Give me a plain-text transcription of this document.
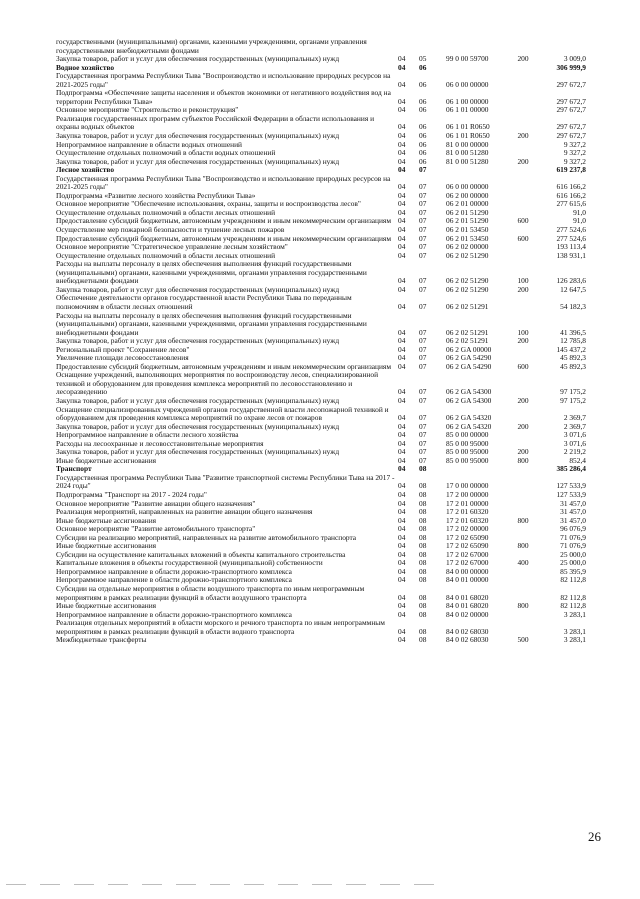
государственными (муниципальными) органами, казенными учреждениями, органами управления государственными внебюджетными фондами
Закупка товаров, работ и услуг для обеспечения государственных (муниципальных) нужд	04	05	99 0 00 59700	200	3 009,0
Водное хозяйство	04	06	306 999,9
Государственная программа Республики Тыва "Воспроизводство и использование природных ресурсов на 2021-2025 годы"	04	06	06 0 00 00000	297 672,7
Подпрограмма «Обеспечение защиты населения и объектов экономики от негативного воздействия вод на территории Республики Тыва»	04	06	06 1 00 00000	297 672,7
Основное мероприятие "Строительство и реконструкция"	04	06	06 1 01 00000	297 672,7
Реализация государственных программ субъектов Российской Федерации в области использования и охраны водных объектов	04	06	06 1 01 R0650	297 672,7
Закупка товаров, работ и услуг для обеспечения государственных (муниципальных) нужд	04	06	06 1 01 R0650	200	297 672,7
Непрограммное направление в области водных отношений	04	06	81 0 00 00000	9 327,2
Осуществление отдельных полномочий в области водных отношений	04	06	81 0 00 51280	9 327,2
Закупка товаров, работ и услуг для обеспечения государственных (муниципальных) нужд	04	06	81 0 00 51280	200	9 327,2
Лесное хозяйство	04	07	619 237,8
Государственная программа Республики Тыва "Воспроизводство и использование природных ресурсов на 2021-2025 годы"	04	07	06 0 00 00000	616 166,2
Подпрограмма «Развитие лесного хозяйства Республики Тыва»	04	07	06 2 00 00000	616 166,2
Основное мероприятие "Обеспечение использования, охраны, защиты и воспроизводства лесов"	04	07	06 2 01 00000	277 615,6
Осуществление отдельных полномочий в области лесных отношений	04	07	06 2 01 51290	91,0
Предоставление субсидий бюджетным, автономным учреждениям и иным некоммерческим организациям 04	07	06 2 01 51290	600	91,0
Осуществление мер пожарной безопасности и тушение лесных пожаров	04	07	06 2 01 53450	277 524,6
Предоставление субсидий бюджетным, автономным учреждениям и иным некоммерческим организациям 04	07	06 2 01 53450	600	277 524,6
Основное мероприятие "Стратегическое управление лесным хозяйством"	04	07	06 2 02 00000	193 113,4
Осуществление отдельных полномочий в области лесных отношений	04	07	06 2 02 51290	138 931,1
Расходы на выплаты персоналу в целях обеспечения выполнения функций государственными (муниципальными) органами, казенными учреждениями, органами управления государственными внебюджетными фондами	04	07	06 2 02 51290	100	126 283,6
Закупка товаров, работ и услуг для обеспечения государственных (муниципальных) нужд	04	07	06 2 02 51290	200	12 647,5
Обеспечение деятельности органов государственной власти Республики Тыва по переданным полномочиям в области лесных отношений	04	07	06 2 02 51291	54 182,3
Расходы на выплаты персоналу в целях обеспечения выполнения функций государственными (муниципальными) органами, казенными учреждениями, органами управления государственными внебюджетными фондами	04	07	06 2 02 51291	100	41 396,5
Закупка товаров, работ и услуг для обеспечения государственных (муниципальных) нужд	04	07	06 2 02 51291	200	12 785,8
Региональный проект "Сохранение лесов"	04	07	06 2 GA 00000	145 437,2
Увеличение площади лесовосстановления	04	07	06 2 GA 54290	45 892,3
Предоставление субсидий бюджетным, автономным учреждениям и иным некоммерческим организациям 04	07	06 2 GA 54290	600	45 892,3
Оснащение учреждений, выполняющих мероприятия по воспроизводству лесов, специализированной техникой и оборудованием для проведения комплекса мероприятий по лесовосстановлению и лесоразведению	04	07	06 2 GA 54300	97 175,2
Закупка товаров, работ и услуг для обеспечения государственных (муниципальных) нужд	04	07	06 2 GA 54300	200	97 175,2
Оснащение специализированных учреждений органов государственной власти лесопожарной техникой и оборудованием для проведения комплекса мероприятий по охране лесов от пожаров	04	07	06 2 GA 54320	2 369,7
Закупка товаров, работ и услуг для обеспечения государственных (муниципальных) нужд	04	07	06 2 GA 54320	200	2 369,7
Непрограммное направление в области лесного хозяйства	04	07	85 0 00 00000	3 071,6
Расходы на лесоохранные и лесовосстановительные мероприятия	04	07	85 0 00 95000	3 071,6
Закупка товаров, работ и услуг для обеспечения государственных (муниципальных) нужд	04	07	85 0 00 95000	200	2 219,2
Иные бюджетные ассигнования	04	07	85 0 00 95000	800	852,4
Транспорт	04	08	385 286,4
Государственная программа Республики Тыва "Развитие транспортной системы Республики Тыва на 2017 - 2024 годы"	04	08	17 0 00 00000	127 533,9
Подпрограмма "Транспорт на 2017 - 2024 годы"	04	08	17 2 00 00000	127 533,9
Основное мероприятие "Развитие авиации общего назначения"	04	08	17 2 01 00000	31 457,0
Реализация мероприятий, направленных на развитие авиации общего назначения	04	08	17 2 01 60320	31 457,0
Иные бюджетные ассигнования	04	08	17 2 01 60320	800	31 457,0
Основное мероприятие "Развитие автомобильного транспорта"	04	08	17 2 02 00000	96 076,9
Субсидии на реализацию мероприятий, направленных на развитие автомобильного транспорта	04	08	17 2 02 65090	71 076,9
Иные бюджетные ассигнования	04	08	17 2 02 65090	800	71 076,9
Субсидии на осуществление капитальных вложений в объекты капитального строительства	04	08	17 2 02 67000	25 000,0
Капитальные вложения в объекты государственной (муниципальной) собственности	04	08	17 2 02 67000	400	25 000,0
Непрограммное направление в области дорожно-транспортного комплекса	04	08	84 0 00 00000	85 395,9
Непрограммное направление в области дорожно-транспортного комплекса	04	08	84 0 01 00000	82 112,8
Субсидии на отдельные мероприятия в области воздушного транспорта по иным непрограммным мероприятиям в рамках реализации функций в области воздушного транспорта	04	08	84 0 01 68020	82 112,8
Иные бюджетные ассигнования	04	08	84 0 01 68020	800	82 112,8
Непрограммное направление в области дорожно-транспортного комплекса	04	08	84 0 02 00000	3 283,1
Реализация отдельных мероприятий в области морского и речного транспорта по иным непрограммным мероприятиям в рамках реализации функций в области водного транспорта	04	08	84 0 02 68030	3 283,1
Межбюджетные трансферты	04	08	84 0 02 68030	500	3 283,1
26
